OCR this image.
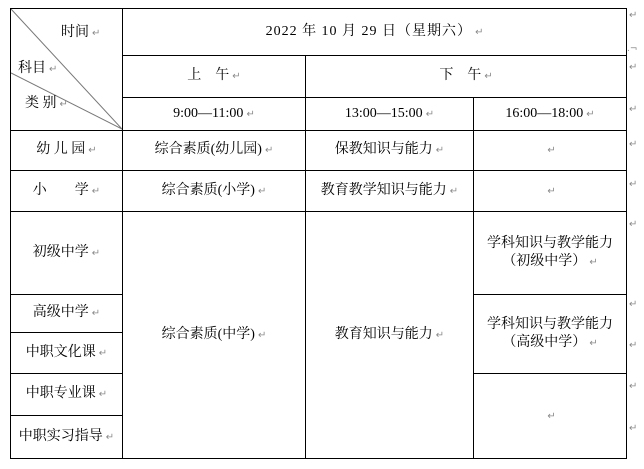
时间 ↵
科目 ↵
类 别 ↵	2022 年 10 月 29 日（星期六） ↵		
	上　午 ↵	下　午 ↵	
	9:00—11:00 ↵	13:00—15:00 ↵	16:00—18:00 ↵
幼 儿 园 ↵	综合素质(幼儿园) ↵	保教知识与能力 ↵	↵
小　　学 ↵	综合素质(小学) ↵	教育教学知识与能力 ↵	↵
初级中学 ↵	综合素质(中学) ↵	教育知识与能力 ↵	学科知识与教学能力
（初级中学） ↵
高级中学 ↵			学科知识与教学能力
（高级中学） ↵
中职文化课 ↵			
中职专业课 ↵			↵
中职实习指导 ↵			
↵
↵
↵
↵
↵
↵
↵
↵
↵
↵
.¬
